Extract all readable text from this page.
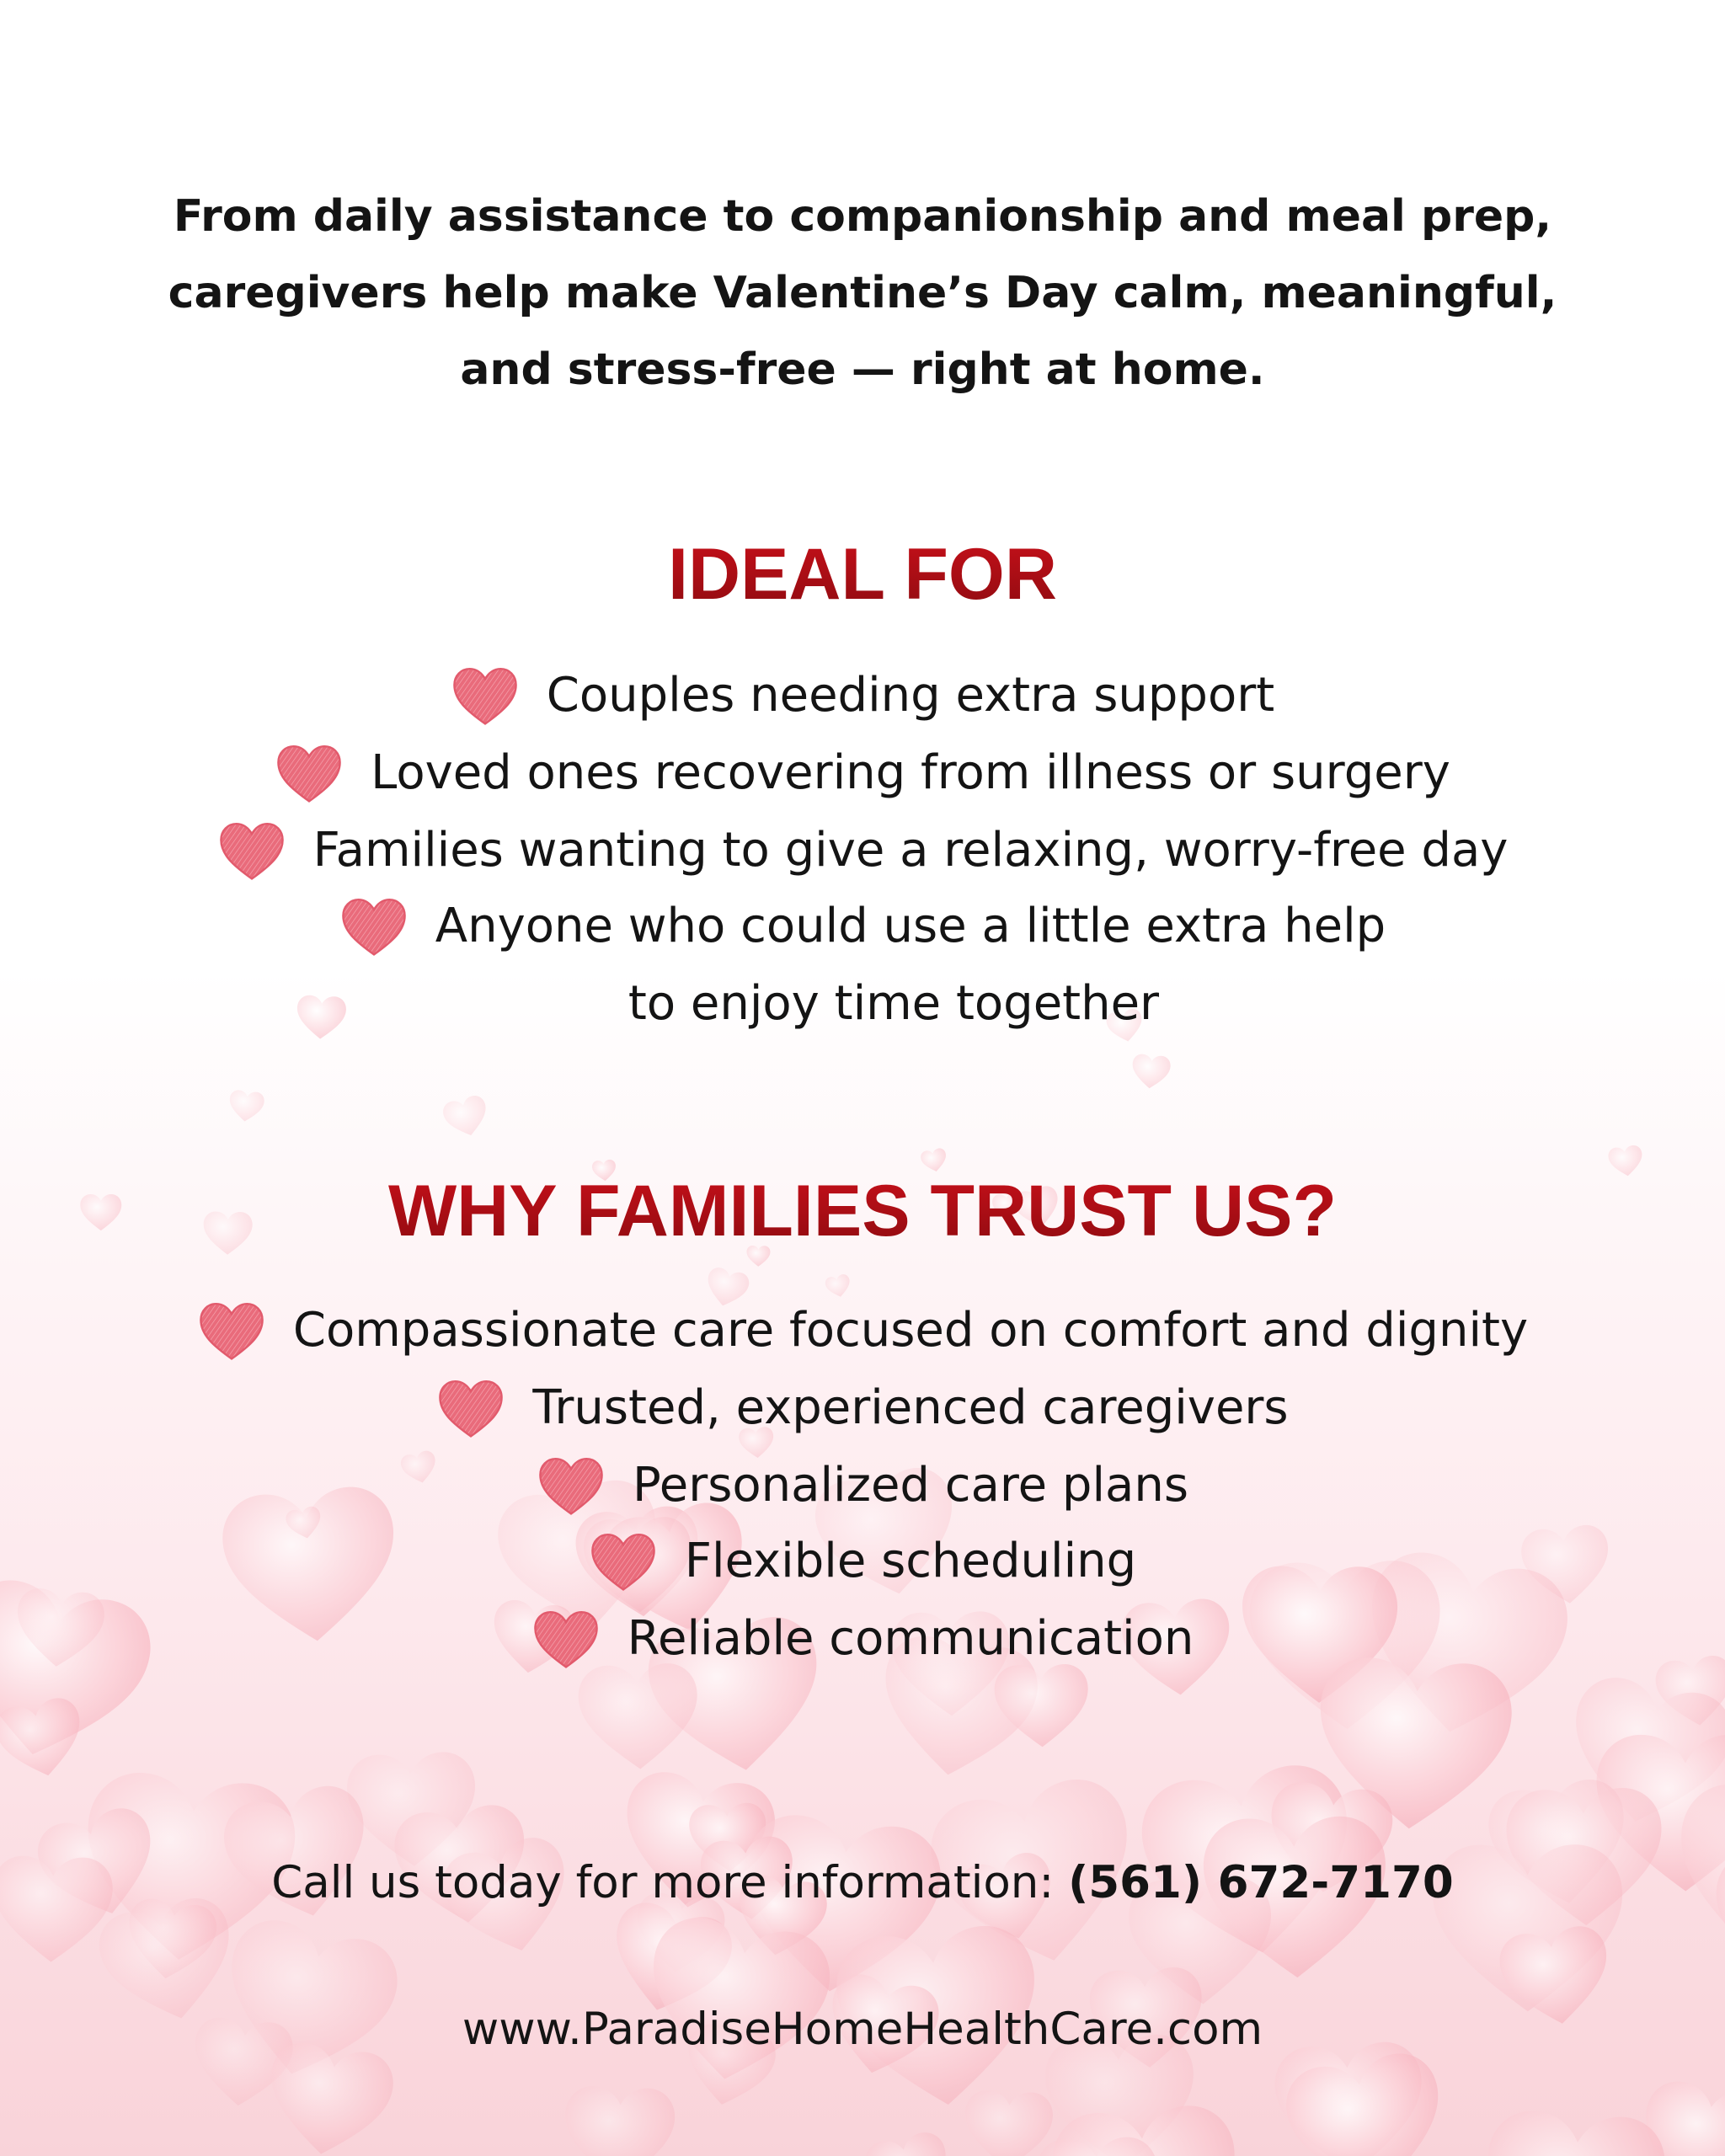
From daily assistance to companionship and meal prep,
caregivers help make Valentine’s Day calm, meaningful,
and stress-free — right at home.
IDEAL FOR
Couples needing extra support
Loved ones recovering from illness or surgery
Families wanting to give a relaxing, worry-free day
Anyone who could use a little extra help
to enjoy time together
WHY FAMILIES TRUST US?
Compassionate care focused on comfort and dignity
Trusted, experienced caregivers
Personalized care plans
Flexible scheduling
Reliable communication
Call us today for more information: (561) 672-7170
www.ParadiseHomeHealthCare.com
